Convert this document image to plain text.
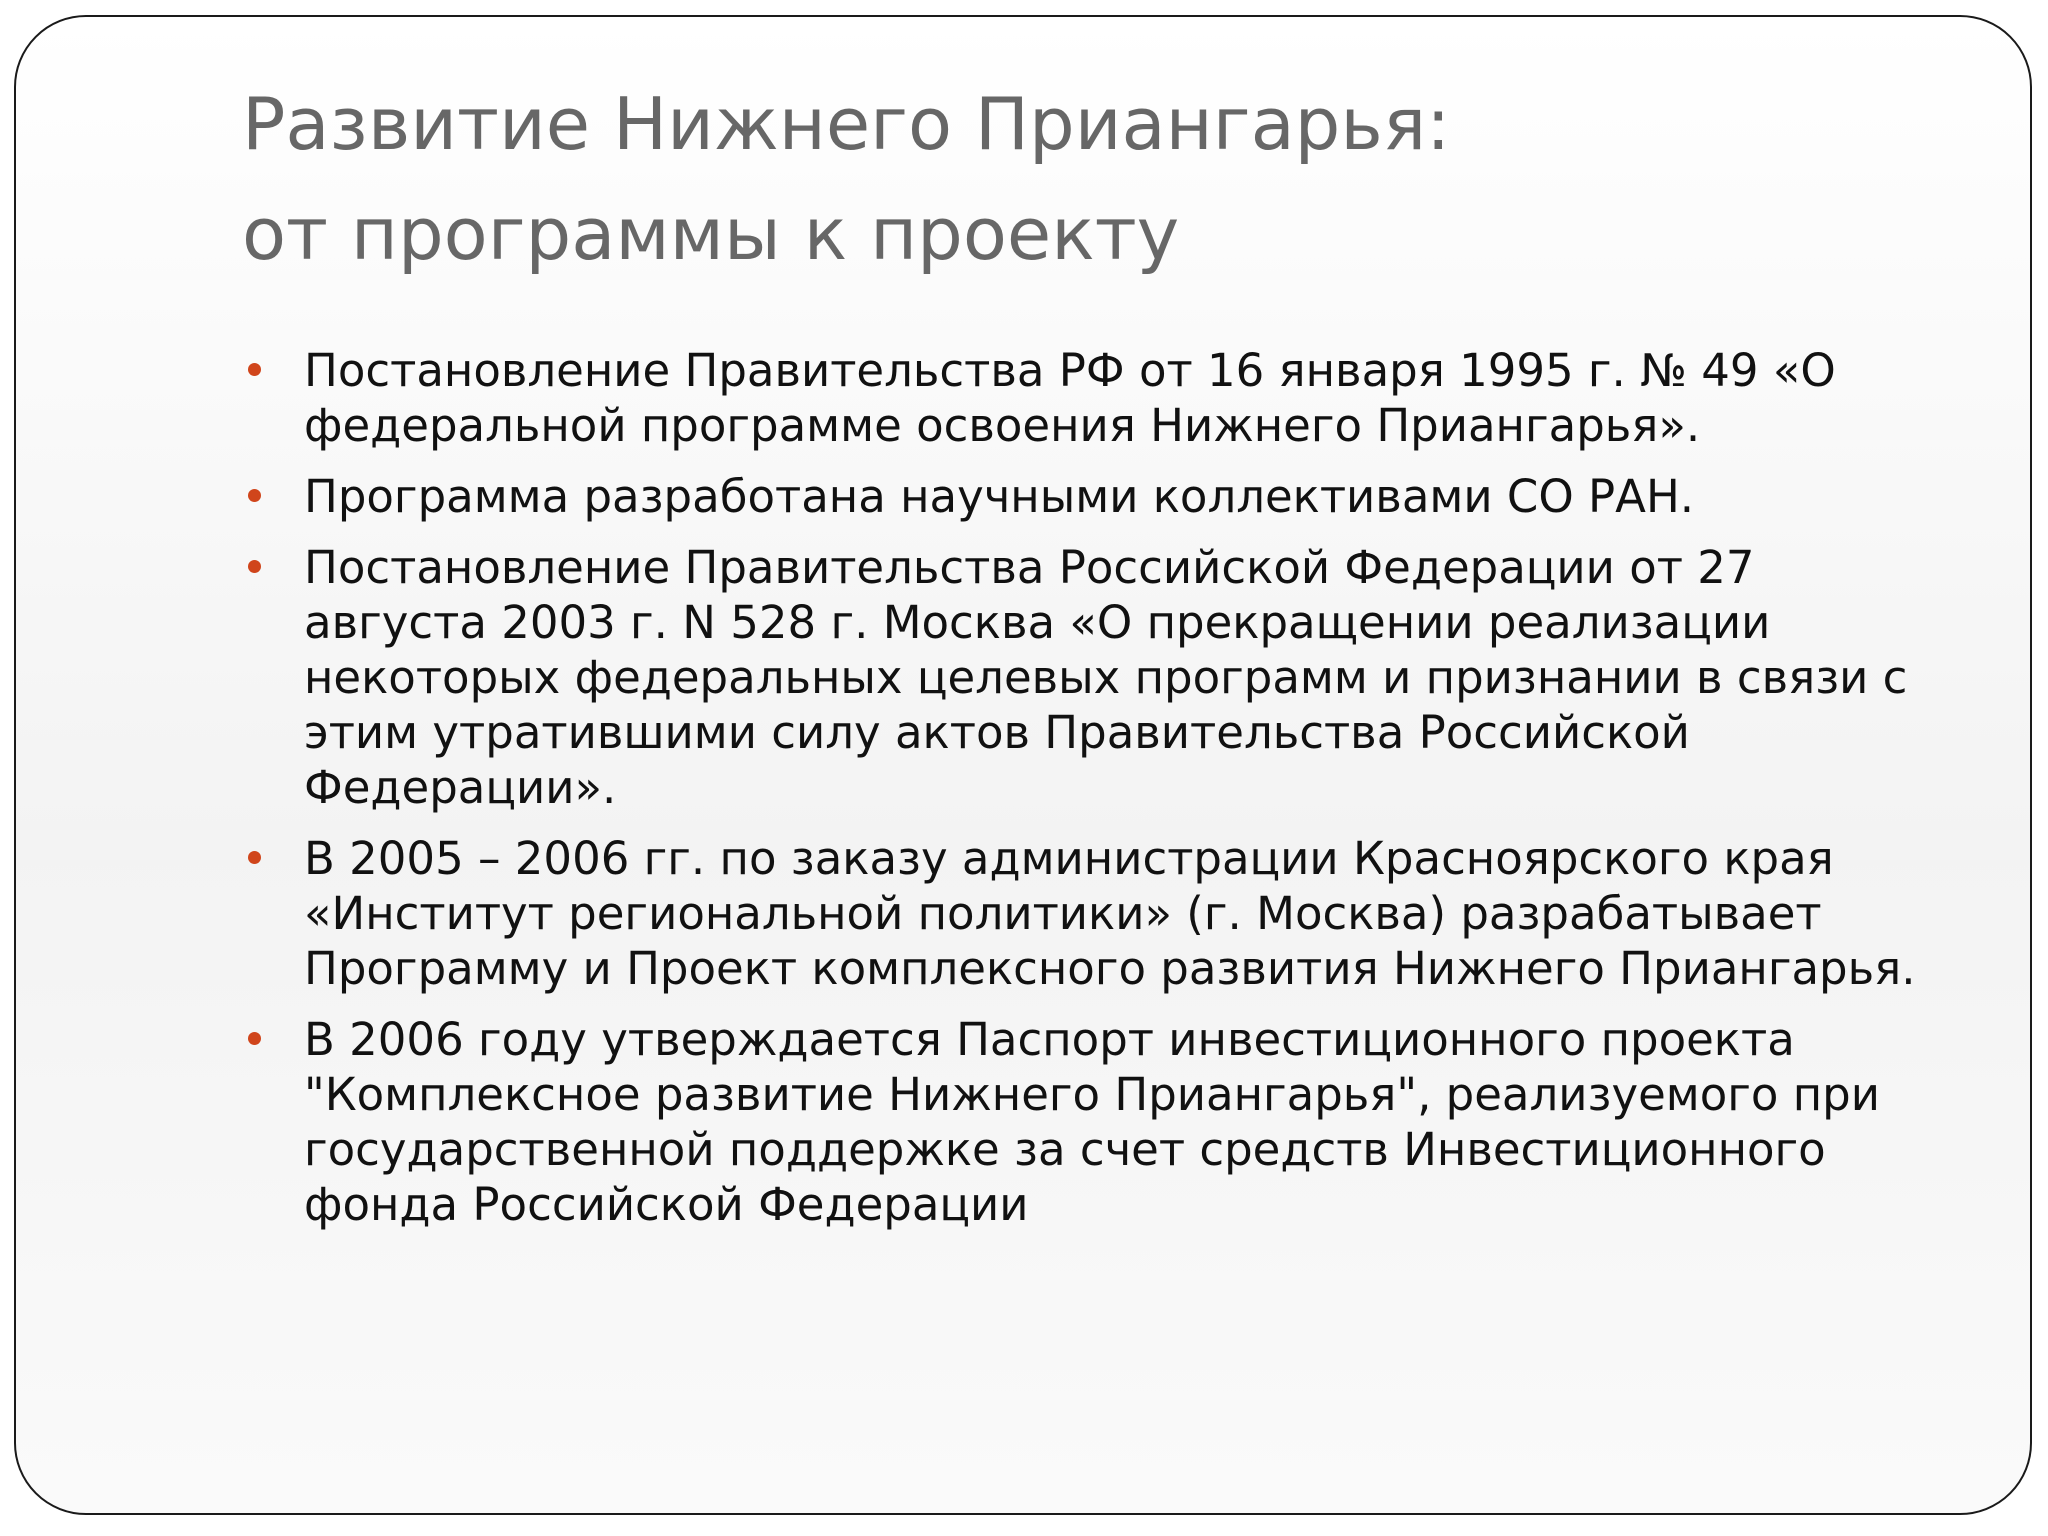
Развитие Нижнего Приангарья:
от программы к проекту
Постановление Правительства РФ от 16 января 1995 г. № 49 «О
федеральной программе освоения Нижнего Приангарья».
Программа разработана научными коллективами СО РАН.
Постановление Правительства Российской Федерации от 27
августа 2003 г. N 528 г. Москва «О прекращении реализации
некоторых федеральных целевых программ и признании в связи с
этим утратившими силу актов Правительства Российской
Федерации».
В 2005 – 2006 гг. по заказу администрации Красноярского края
«Институт региональной политики» (г. Москва) разрабатывает
Программу и Проект комплексного развития Нижнего Приангарья.
В 2006 году утверждается Паспорт инвестиционного проекта
"Комплексное развитие Нижнего Приангарья", реализуемого при
государственной поддержке за счет средств Инвестиционного
фонда Российской Федерации
